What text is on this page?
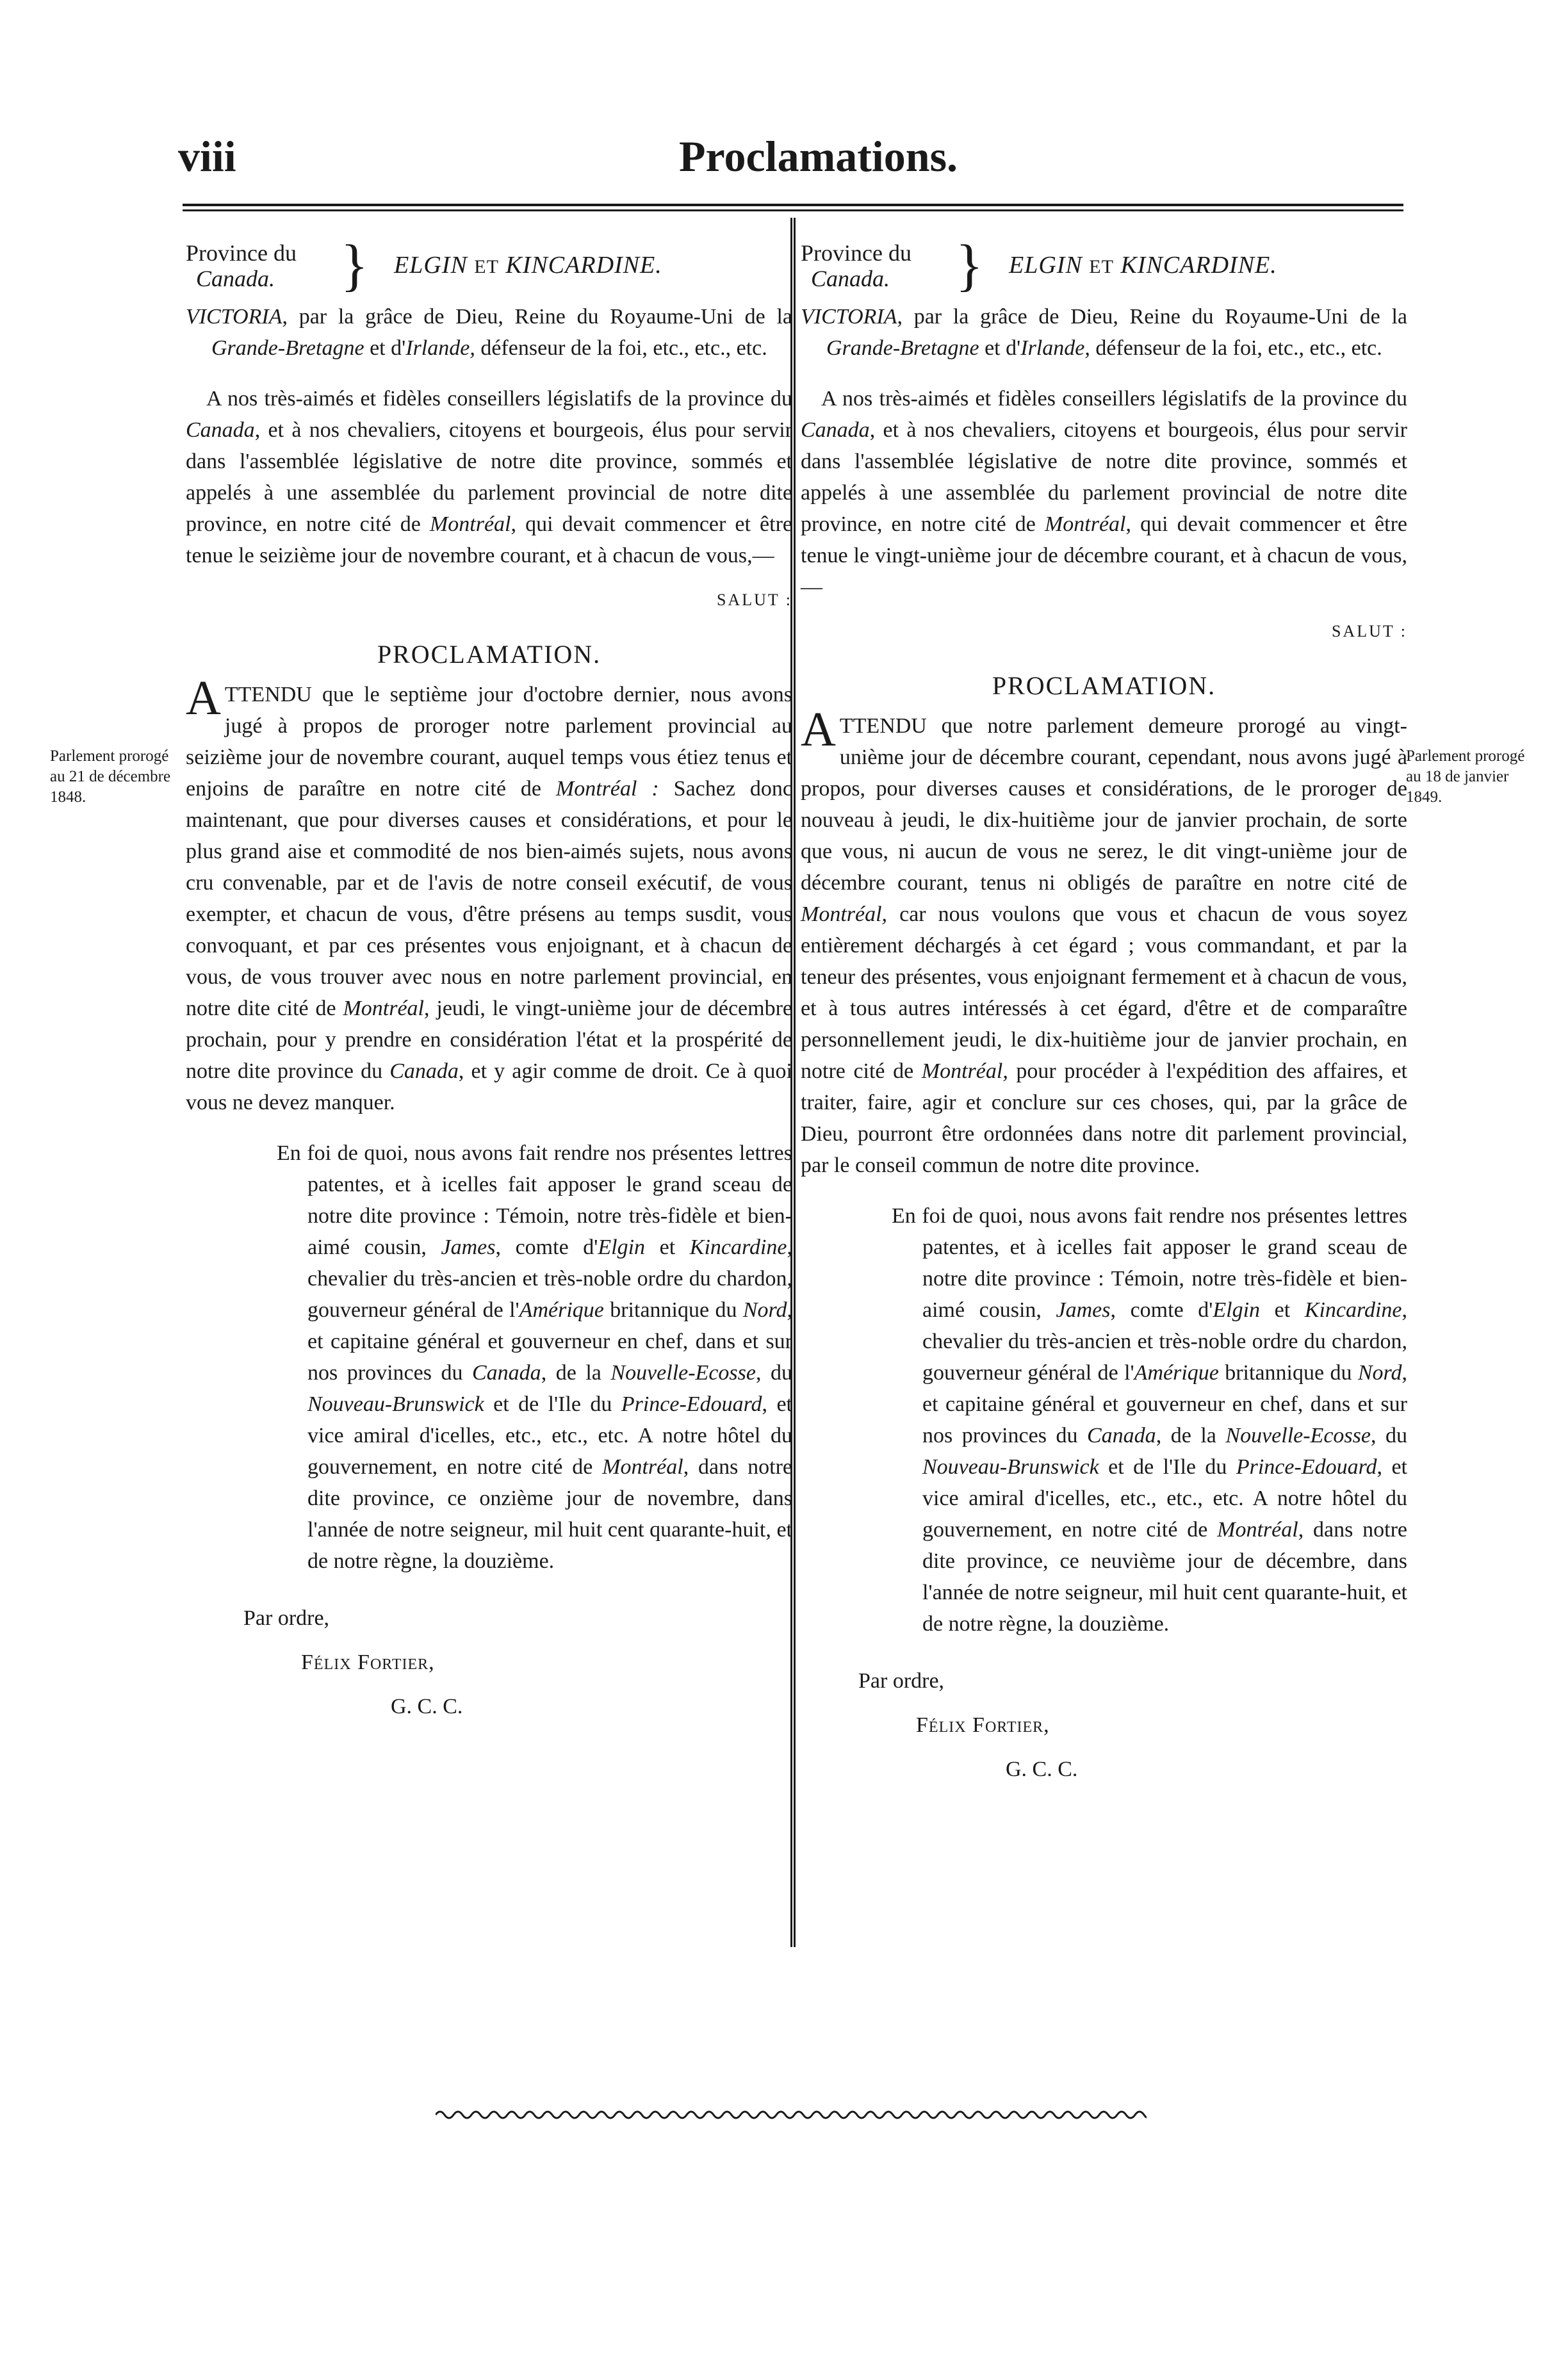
viii	Proclamations.
Province du
Canada.	} ELGIN ET KINCARDINE.

VICTORIA, par la grâce de Dieu, Reine du Royaume-Uni de la Grande-Bretagne et d'Irlande, défenseur de la foi, etc., etc., etc.

A nos très-aimés et fidèles conseillers législatifs de la province du Canada, et à nos chevaliers, citoyens et bourgeois, élus pour servir dans l'assemblée législative de notre dite province, sommés et appelés à une assemblée du parlement provincial de notre dite province, en notre cité de Montréal, qui devait commencer et être tenue le seizième jour de novembre courant, et à chacun de vous,—

SALUT :
PROCLAMATION.

ATTENDU que le septième jour d'octobre dernier, nous avons jugé à propos de proroger notre parlement provincial au seizième jour de novembre courant, auquel temps vous étiez tenus et enjoins de paraître en notre cité de Montréal : Sachez donc maintenant, que pour diverses causes et considérations, et pour le plus grand aise et commodité de nos bien-aimés sujets, nous avons cru convenable, par et de l'avis de notre conseil exécutif, de vous exempter, et chacun de vous, d'être présens au temps susdit, vous convoquant, et par ces présentes vous enjoignant, et à chacun de vous, de vous trouver avec nous en notre parlement provincial, en notre dite cité de Montréal, jeudi, le vingt-unième jour de décembre prochain, pour y prendre en considération l'état et la prospérité de notre dite province du Canada, et y agir comme de droit. Ce à quoi vous ne devez manquer.

En foi de quoi, nous avons fait rendre nos présentes lettres patentes, et à icelles fait apposer le grand sceau de notre dite province : Témoin, notre très-fidèle et bien-aimé cousin, James, comte d'Elgin et Kincardine, chevalier du très-ancien et très-noble ordre du chardon, gouverneur général de l'Amérique britannique du Nord, et capitaine général et gouverneur en chef, dans et sur nos provinces du Canada, de la Nouvelle-Ecosse, du Nouveau-Brunswick et de l'Ile du Prince-Edouard, et vice amiral d'icelles, etc., etc., etc. A notre hôtel du gouvernement, en notre cité de Montréal, dans notre dite province, ce onzième jour de novembre, dans l'année de notre seigneur, mil huit cent quarante-huit, et de notre règne, la douzième.

Par ordre,
Félix Fortier,
G. C. C.
Province du
Canada.	} ELGIN ET KINCARDINE.

VICTORIA, par la grâce de Dieu, Reine du Royaume-Uni de la Grande-Bretagne et d'Irlande, défenseur de la foi, etc., etc., etc.

A nos très-aimés et fidèles conseillers législatifs de la province du Canada, et à nos chevaliers, citoyens et bourgeois, élus pour servir dans l'assemblée législative de notre dite province, sommés et appelés à une assemblée du parlement provincial de notre dite province, en notre cité de Montréal, qui devait commencer et être tenue le vingt-unième jour de décembre courant, et à chacun de vous,—

SALUT :
PROCLAMATION.

ATTENDU que notre parlement demeure prorogé au vingt-unième jour de décembre courant, cependant, nous avons jugé à propos, pour diverses causes et considérations, de le proroger de nouveau à jeudi, le dix-huitième jour de janvier prochain, de sorte que vous, ni aucun de vous ne serez, le dit vingt-unième jour de décembre courant, tenus ni obligés de paraître en notre cité de Montréal, car nous voulons que vous et chacun de vous soyez entièrement déchargés à cet égard ; vous commandant, et par la teneur des présentes, vous enjoignant fermement et à chacun de vous, et à tous autres intéressés à cet égard, d'être et de comparaître personnellement jeudi, le dix-huitième jour de janvier prochain, en notre cité de Montréal, pour procéder à l'expédition des affaires, et traiter, faire, agir et conclure sur ces choses, qui, par la grâce de Dieu, pourront être ordonnées dans notre dit parlement provincial, par le conseil commun de notre dite province.

En foi de quoi, nous avons fait rendre nos présentes lettres patentes, et à icelles fait apposer le grand sceau de notre dite province : Témoin, notre très-fidèle et bien-aimé cousin, James, comte d'Elgin et Kincardine, chevalier du très-ancien et très-noble ordre du chardon, gouverneur général de l'Amérique britannique du Nord, et capitaine général et gouverneur en chef, dans et sur nos provinces du Canada, de la Nouvelle-Ecosse, du Nouveau-Brunswick et de l'Ile du Prince-Edouard, et vice amiral d'icelles, etc., etc., etc. A notre hôtel du gouvernement, en notre cité de Montréal, dans notre dite province, ce neuvième jour de décembre, dans l'année de notre seigneur, mil huit cent quarante-huit, et de notre règne, la douzième.

Par ordre,
Félix Fortier,
G. C. C.
Parlement prorogé au 21 de décembre 1848.
Parlement prorogé au 18 de janvier 1849.
